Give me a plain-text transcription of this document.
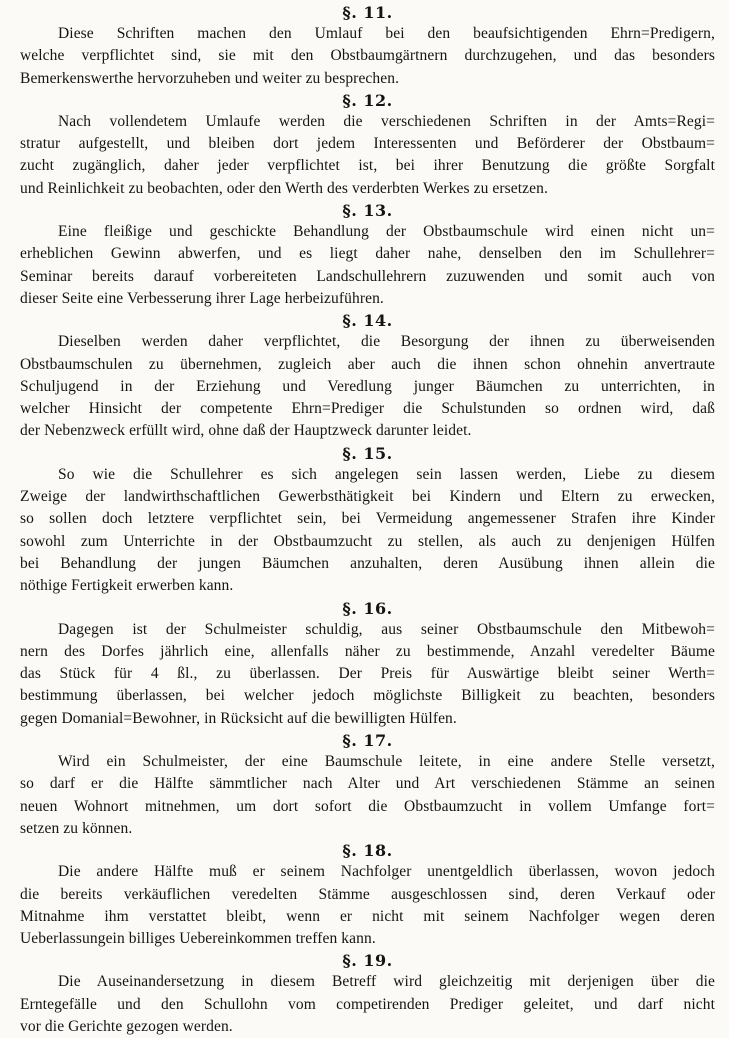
§. 11.
Diese Schriften machen den Umlauf bei den beaufsichtigenden Ehrn=Predigern,
welche verpflichtet sind, sie mit den Obstbaumgärtnern durchzugehen, und das besonders
Bemerkenswerthe hervorzuheben und weiter zu besprechen.
§. 12.
Nach vollendetem Umlaufe werden die verschiedenen Schriften in der Amts=Regi=
stratur aufgestellt, und bleiben dort jedem Interessenten und Beförderer der Obstbaum=
zucht zugänglich, daher jeder verpflichtet ist, bei ihrer Benutzung die größte Sorgfalt
und Reinlichkeit zu beobachten, oder den Werth des verderbten Werkes zu ersetzen.
§. 13.
Eine fleißige und geschickte Behandlung der Obstbaumschule wird einen nicht un=
erheblichen Gewinn abwerfen, und es liegt daher nahe, denselben den im Schullehrer=
Seminar bereits darauf vorbereiteten Landschullehrern zuzuwenden und somit auch von
dieser Seite eine Verbesserung ihrer Lage herbeizuführen.
§. 14.
Dieselben werden daher verpflichtet, die Besorgung der ihnen zu überweisenden
Obstbaumschulen zu übernehmen, zugleich aber auch die ihnen schon ohnehin anvertraute
Schuljugend in der Erziehung und Veredlung junger Bäumchen zu unterrichten, in
welcher Hinsicht der competente Ehrn=Prediger die Schulstunden so ordnen wird, daß
der Nebenzweck erfüllt wird, ohne daß der Hauptzweck darunter leidet.
§. 15.
So wie die Schullehrer es sich angelegen sein lassen werden, Liebe zu diesem
Zweige der landwirthschaftlichen Gewerbsthätigkeit bei Kindern und Eltern zu erwecken,
so sollen doch letztere verpflichtet sein, bei Vermeidung angemessener Strafen ihre Kinder
sowohl zum Unterrichte in der Obstbaumzucht zu stellen, als auch zu denjenigen Hülfen
bei Behandlung der jungen Bäumchen anzuhalten, deren Ausübung ihnen allein die
nöthige Fertigkeit erwerben kann.
§. 16.
Dagegen ist der Schulmeister schuldig, aus seiner Obstbaumschule den Mitbewoh=
nern des Dorfes jährlich eine, allenfalls näher zu bestimmende, Anzahl veredelter Bäume
das Stück für 4 ßl., zu überlassen. Der Preis für Auswärtige bleibt seiner Werth=
bestimmung überlassen, bei welcher jedoch möglichste Billigkeit zu beachten, besonders
gegen Domanial=Bewohner, in Rücksicht auf die bewilligten Hülfen.
§. 17.
Wird ein Schulmeister, der eine Baumschule leitete, in eine andere Stelle versetzt,
so darf er die Hälfte sämmtlicher nach Alter und Art verschiedenen Stämme an seinen
neuen Wohnort mitnehmen, um dort sofort die Obstbaumzucht in vollem Umfange fort=
setzen zu können.
§. 18.
Die andere Hälfte muß er seinem Nachfolger unentgeldlich überlassen, wovon jedoch
die bereits verkäuflichen veredelten Stämme ausgeschlossen sind, deren Verkauf oder
Mitnahme ihm verstattet bleibt, wenn er nicht mit seinem Nachfolger wegen deren
Ueberlassungein billiges Uebereinkommen treffen kann.
§. 19.
Die Auseinandersetzung in diesem Betreff wird gleichzeitig mit derjenigen über die
Erntegefälle und den Schullohn vom competirenden Prediger geleitet, und darf nicht
vor die Gerichte gezogen werden.
